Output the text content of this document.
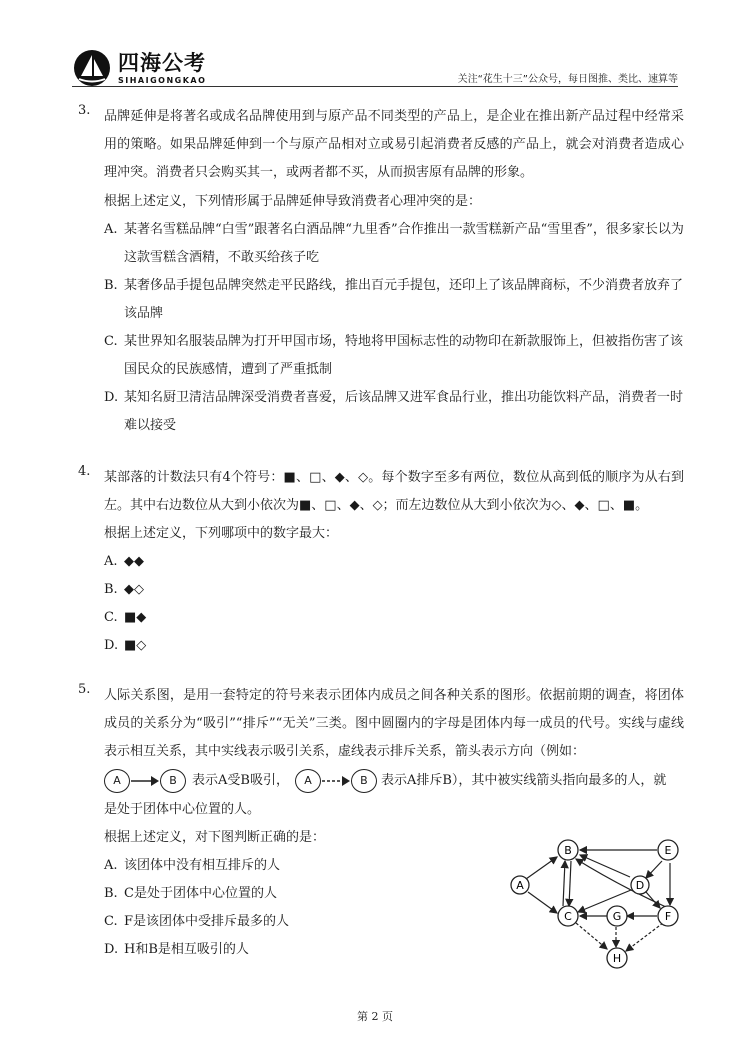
四海公考
SIHAIGONGKAO	关注“花生十三”公众号，每日图推、类比、速算等
3. 品牌延伸是将著名或成名品牌使用到与原产品不同类型的产品上，是企业在推出新产品过程中经常采用的策略。如果品牌延伸到一个与原产品相对立或易引起消费者反感的产品上，就会对消费者造成心理冲突。消费者只会购买其一，或两者都不买，从而损害原有品牌的形象。

根据上述定义，下列情形属于品牌延伸导致消费者心理冲突的是：

A. 某著名雪糕品牌“白雪”跟著名白酒品牌“九里香”合作推出一款雪糕新产品“雪里香”，很多家长以为这款雪糕含酒精，不敢买给孩子吃
B. 某奢侈品手提包品牌突然走平民路线，推出百元手提包，还印上了该品牌商标，不少消费者放弃了该品牌
C. 某世界知名服装品牌为打开甲国市场，特地将甲国标志性的动物印在新款服饰上，但被指伤害了该国民众的民族感情，遭到了严重抵制
D. 某知名厨卫清洁品牌深受消费者喜爱，后该品牌又进军食品行业，推出功能饮料产品，消费者一时难以接受
4. 某部落的计数法只有4个符号：■、□、◆、◇。每个数字至多有两位，数位从高到低的顺序为从右到左。其中右边数位从大到小依次为■、□、◆、◇；而左边数位从大到小依次为◇、◆、□、■。

根据上述定义，下列哪项中的数字最大：

A. ◆◆
B. ◆◇
C. ■◆
D. ■◇
5. 人际关系图，是用一套特定的符号来表示团体内成员之间各种关系的图形。依据前期的调查，将团体成员的关系分为“吸引”“排斥”“无关”三类。图中圆圈内的字母是团体内每一成员的代号。实线与虚线表示相互关系，其中实线表示吸引关系，虚线表示排斥关系，箭头表示方向（例如：

A	B	表示A受B吸引，	A	B	表示A排斥B），其中被实线箭头指向最多的人，就

是处于团体中心位置的人。

根据上述定义，对下图判断正确的是：

A. 该团体中没有相互排斥的人
B. C是处于团体中心位置的人
C. F是该团体中受排斥最多的人
D. H和B是相互吸引的人
A
B
C
D
E
F
G
H
第 2 页
